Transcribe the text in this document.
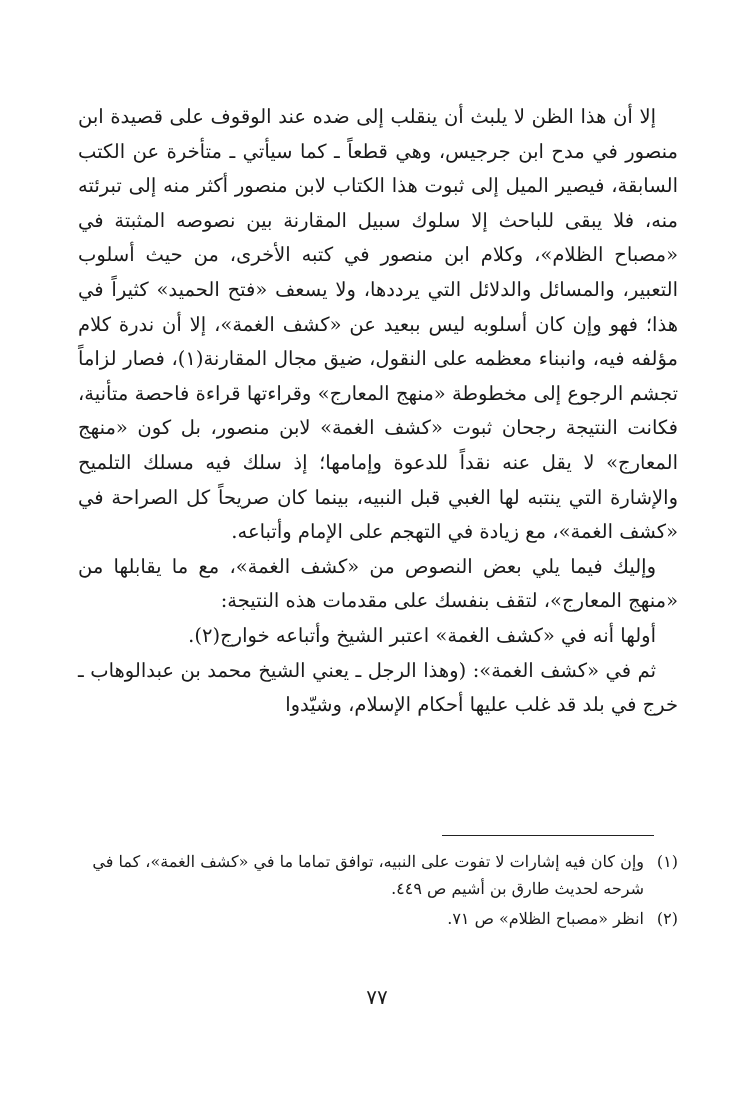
إلا أن هذا الظن لا يلبث أن ينقلب إلى ضده عند الوقوف على قصيدة ابن منصور في مدح ابن جرجيس، وهي قطعاً ـ كما سيأتي ـ متأخرة عن الكتب السابقة، فيصير الميل إلى ثبوت هذا الكتاب لابن منصور أكثر منه إلى تبرئته منه، فلا يبقى للباحث إلا سلوك سبيل المقارنة بين نصوصه المثبتة في «مصباح الظلام»، وكلام ابن منصور في كتبه الأخرى، من حيث أسلوب التعبير، والمسائل والدلائل التي يرددها، ولا يسعف «فتح الحميد» كثيراً في هذا؛ فهو وإن كان أسلوبه ليس ببعيد عن «كشف الغمة»، إلا أن ندرة كلام مؤلفه فيه، وانبناء معظمه على النقول، ضيق مجال المقارنة(١)، فصار لزاماً تجشم الرجوع إلى مخطوطة «منهج المعارج» وقراءتها قراءة فاحصة متأنية، فكانت النتيجة رجحان ثبوت «كشف الغمة» لابن منصور، بل كون «منهج المعارج» لا يقل عنه نقداً للدعوة وإمامها؛ إذ سلك فيه مسلك التلميح والإشارة التي ينتبه لها الغبي قبل النبيه، بينما كان صريحاً كل الصراحة في «كشف الغمة»، مع زيادة في التهجم على الإمام وأتباعه.

وإليك فيما يلي بعض النصوص من «كشف الغمة»، مع ما يقابلها من «منهج المعارج»، لتقف بنفسك على مقدمات هذه النتيجة:

أولها أنه في «كشف الغمة» اعتبر الشيخ وأتباعه خوارج(٢).

ثم في «كشف الغمة»: (وهذا الرجل ـ يعني الشيخ محمد بن عبدالوهاب ـ خرج في بلد قد غلب عليها أحكام الإسلام، وشيّدوا

(١)
وإن كان فيه إشارات لا تفوت على النبيه، توافق تماما ما في «كشف الغمة»، كما في شرحه لحديث طارق بن أشيم ص ٤٤٩.
(٢)
انظر «مصباح الظلام» ص ٧١.
٧٧
